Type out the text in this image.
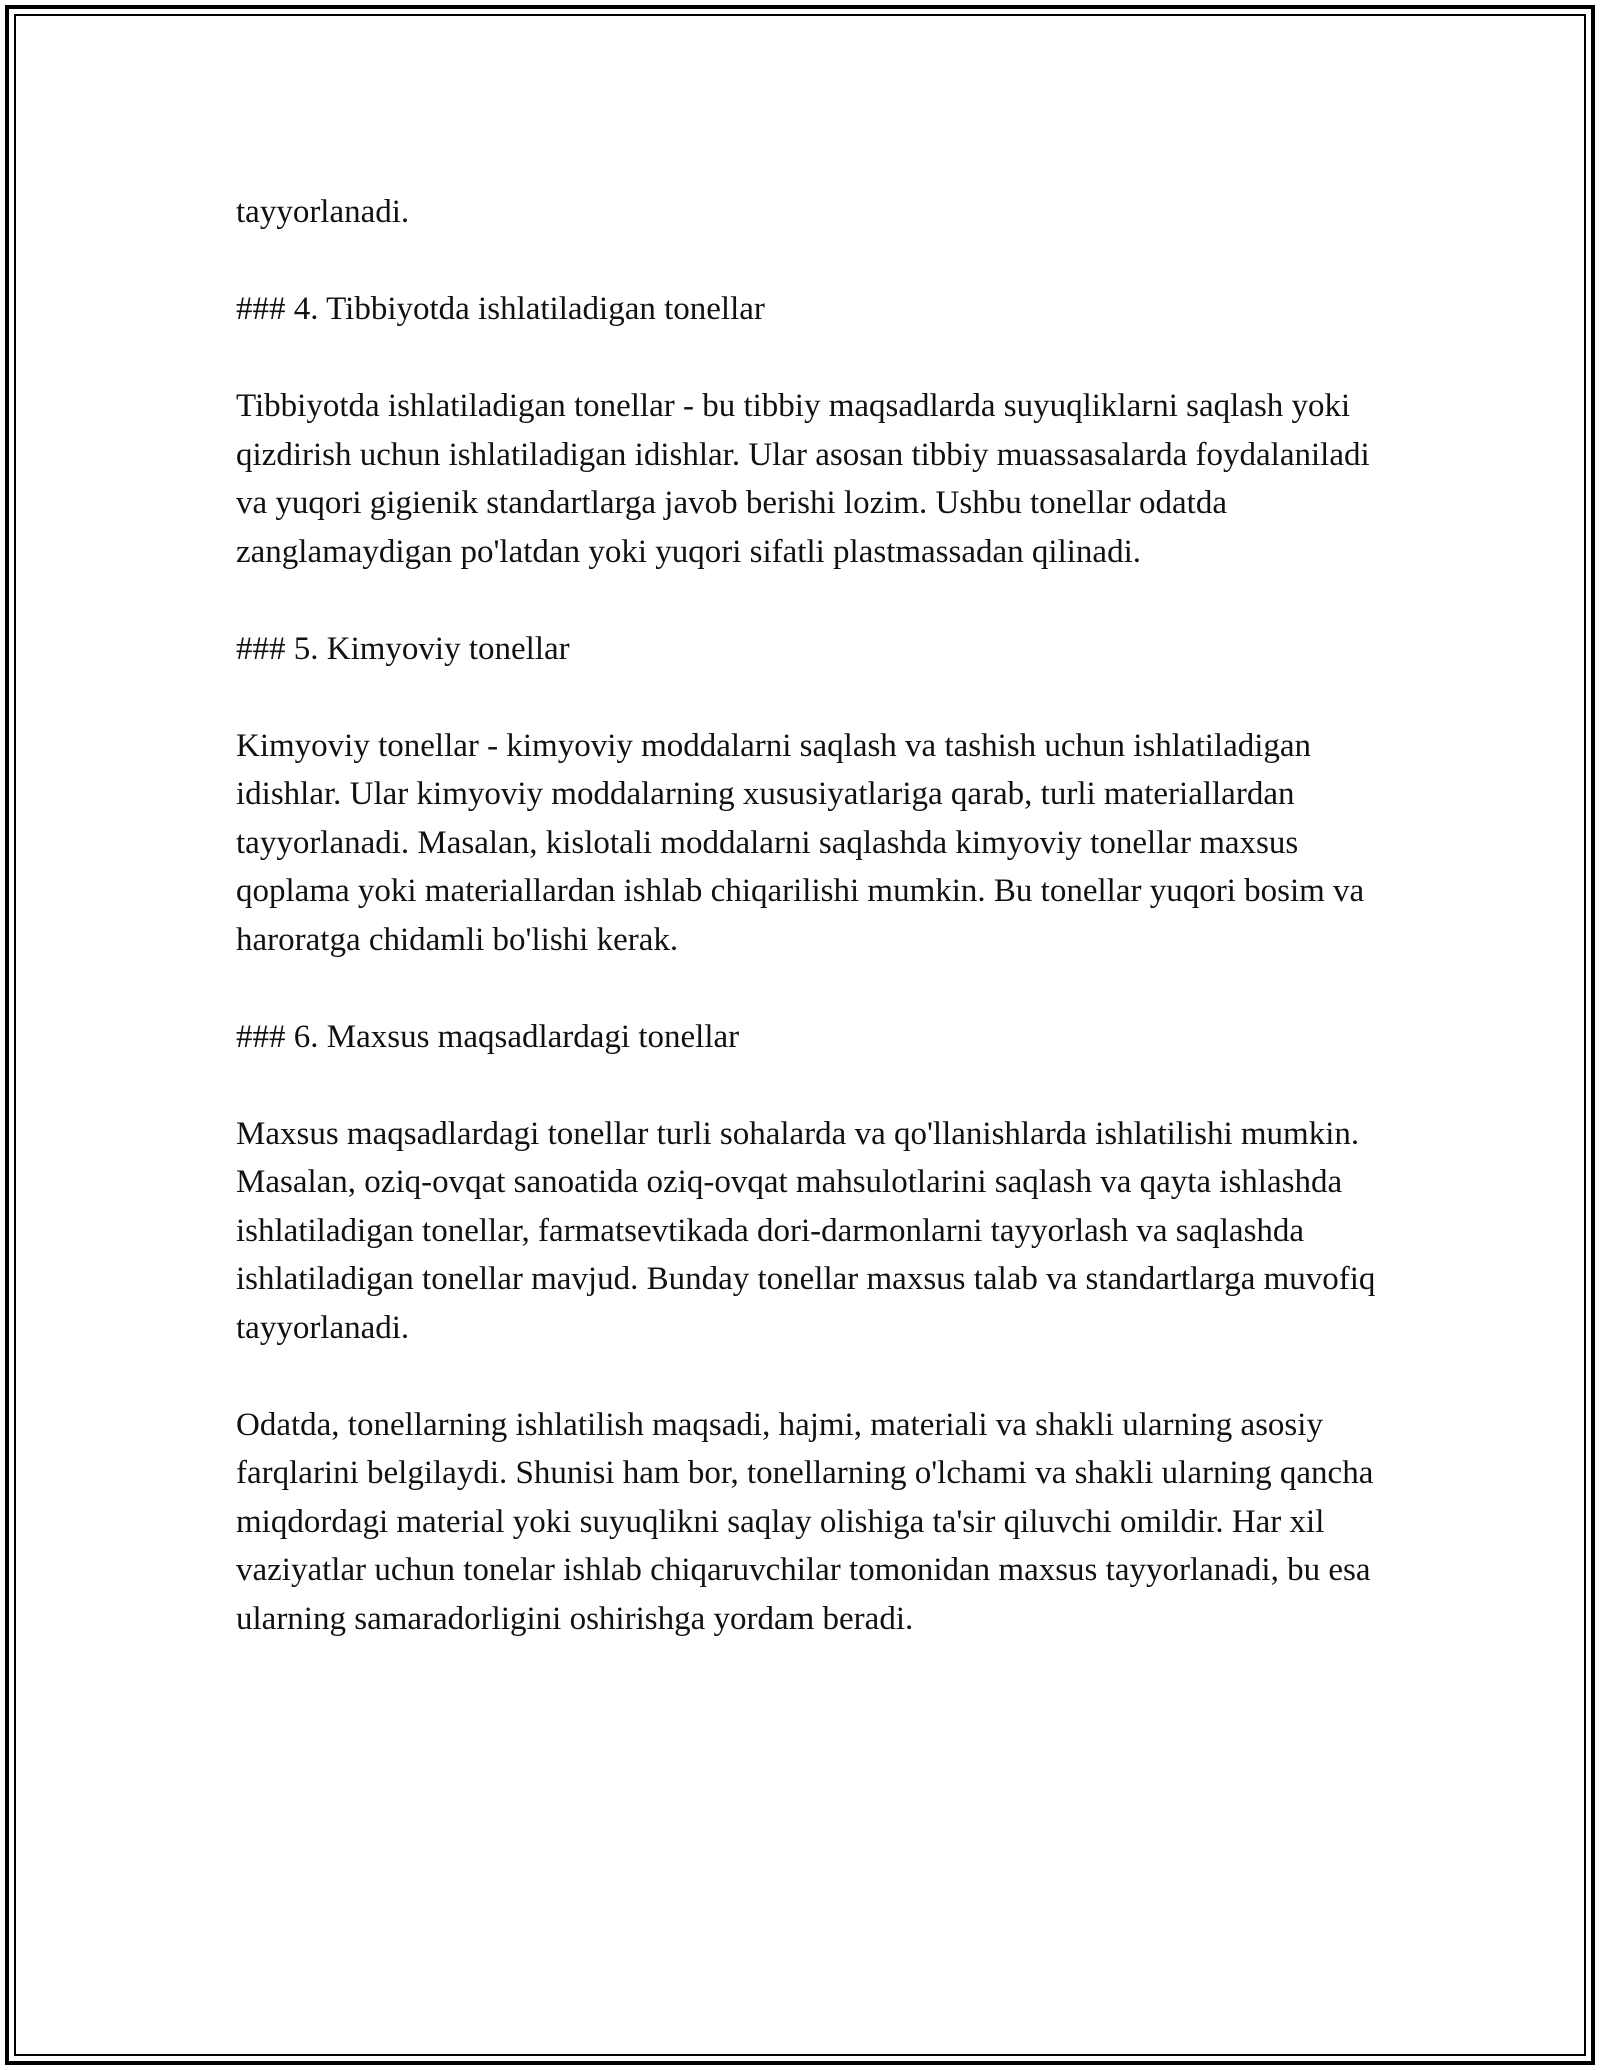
tayyorlanadi.

### 4. Tibbiyotda ishlatiladigan tonellar

Tibbiyotda ishlatiladigan tonellar - bu tibbiy maqsadlarda suyuqliklarni saqlash yoki qizdirish uchun ishlatiladigan idishlar. Ular asosan tibbiy muassasalarda foydalaniladi va yuqori gigienik standartlarga javob berishi lozim. Ushbu tonellar odatda zanglamaydigan po'latdan yoki yuqori sifatli plastmassadan qilinadi.

### 5. Kimyoviy tonellar

Kimyoviy tonellar - kimyoviy moddalarni saqlash va tashish uchun ishlatiladigan idishlar. Ular kimyoviy moddalarning xususiyatlariga qarab, turli materiallardan tayyorlanadi. Masalan, kislotali moddalarni saqlashda kimyoviy tonellar maxsus qoplama yoki materiallardan ishlab chiqarilishi mumkin. Bu tonellar yuqori bosim va haroratga chidamli bo'lishi kerak.

### 6. Maxsus maqsadlardagi tonellar

Maxsus maqsadlardagi tonellar turli sohalarda va qo'llanishlarda ishlatilishi mumkin. Masalan, oziq-ovqat sanoatida oziq-ovqat mahsulotlarini saqlash va qayta ishlashda ishlatiladigan tonellar, farmatsevtikada dori-darmonlarni tayyorlash va saqlashda ishlatiladigan tonellar mavjud. Bunday tonellar maxsus talab va standartlarga muvofiq tayyorlanadi.

Odatda, tonellarning ishlatilish maqsadi, hajmi, materiali va shakli ularning asosiy farqlarini belgilaydi. Shunisi ham bor, tonellarning o'lchami va shakli ularning qancha miqdordagi material yoki suyuqlikni saqlay olishiga ta'sir qiluvchi omildir. Har xil vaziyatlar uchun tonelar ishlab chiqaruvchilar tomonidan maxsus tayyorlanadi, bu esa ularning samaradorligini oshirishga yordam beradi.
